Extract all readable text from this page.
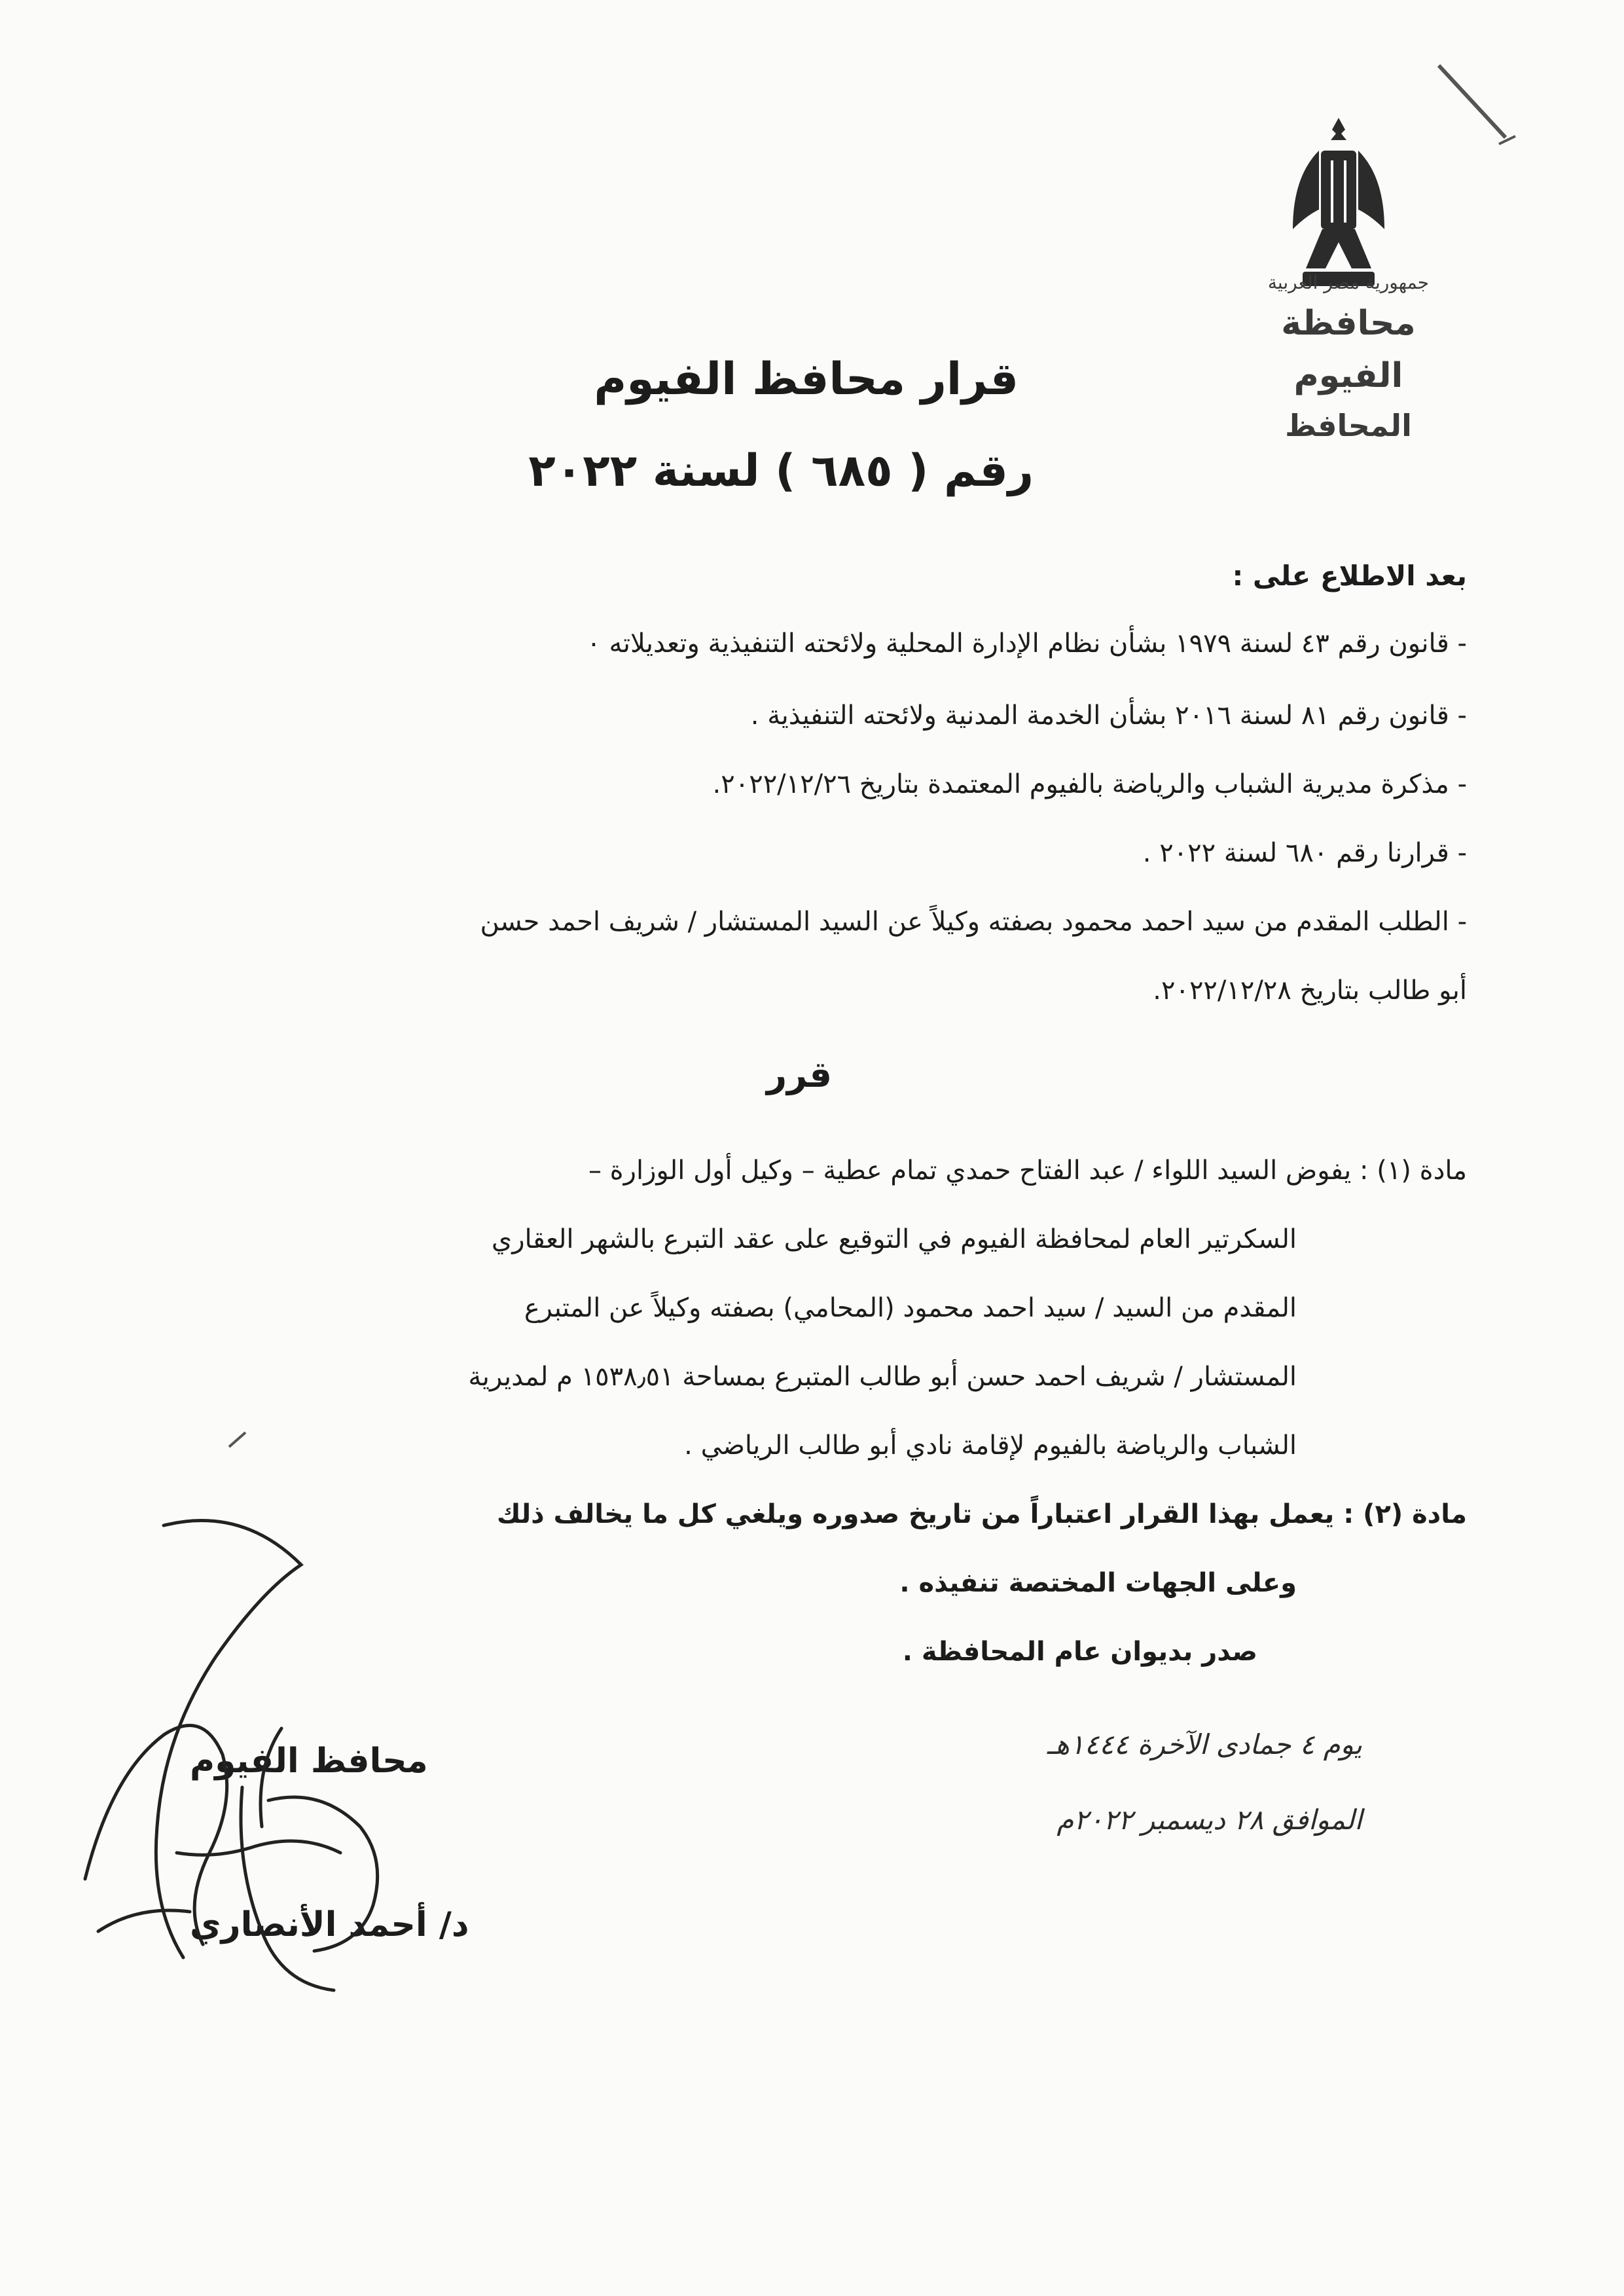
جمهورية مصر العربية
محافظة الفيوم
المحافظ
قرار محافظ الفيوم
رقم ( ٦٨٥ ) لسنة ٢٠٢٢
بعد الاطلاع على :
- قانون رقم ٤٣ لسنة ١٩٧٩ بشأن نظام الإدارة المحلية ولائحته التنفيذية وتعديلاته ٠
- قانون رقم ٨١ لسنة ٢٠١٦ بشأن الخدمة المدنية ولائحته التنفيذية .
- مذكرة مديرية الشباب والرياضة بالفيوم المعتمدة بتاريخ ٢٠٢٢/١٢/٢٦.
- قرارنا رقم ٦٨٠ لسنة ٢٠٢٢ .
- الطلب المقدم من سيد احمد محمود بصفته وكيلاً عن السيد المستشار / شريف احمد حسن
أبو طالب بتاريخ ٢٠٢٢/١٢/٢٨.
قرر
مادة (١) : يفوض السيد اللواء / عبد الفتاح حمدي تمام عطية – وكيل أول الوزارة –
السكرتير العام لمحافظة الفيوم في التوقيع على عقد التبرع بالشهر العقاري
المقدم من السيد / سيد احمد محمود (المحامي) بصفته وكيلاً عن المتبرع
المستشار / شريف احمد حسن أبو طالب المتبرع بمساحة ١٥٣٨٫٥١ م لمديرية
الشباب والرياضة بالفيوم لإقامة نادي أبو طالب الرياضي .
مادة (٢) : يعمل بهذا القرار اعتباراً من تاريخ صدوره ويلغي كل ما يخالف ذلك
وعلى الجهات المختصة تنفيذه .
صدر بديوان عام المحافظة .
يوم ٤ جمادى الآخرة ١٤٤٤هـ
الموافق ٢٨ ديسمبر ٢٠٢٢م
محافظ الفيوم
د/ أحمد الأنصاري
